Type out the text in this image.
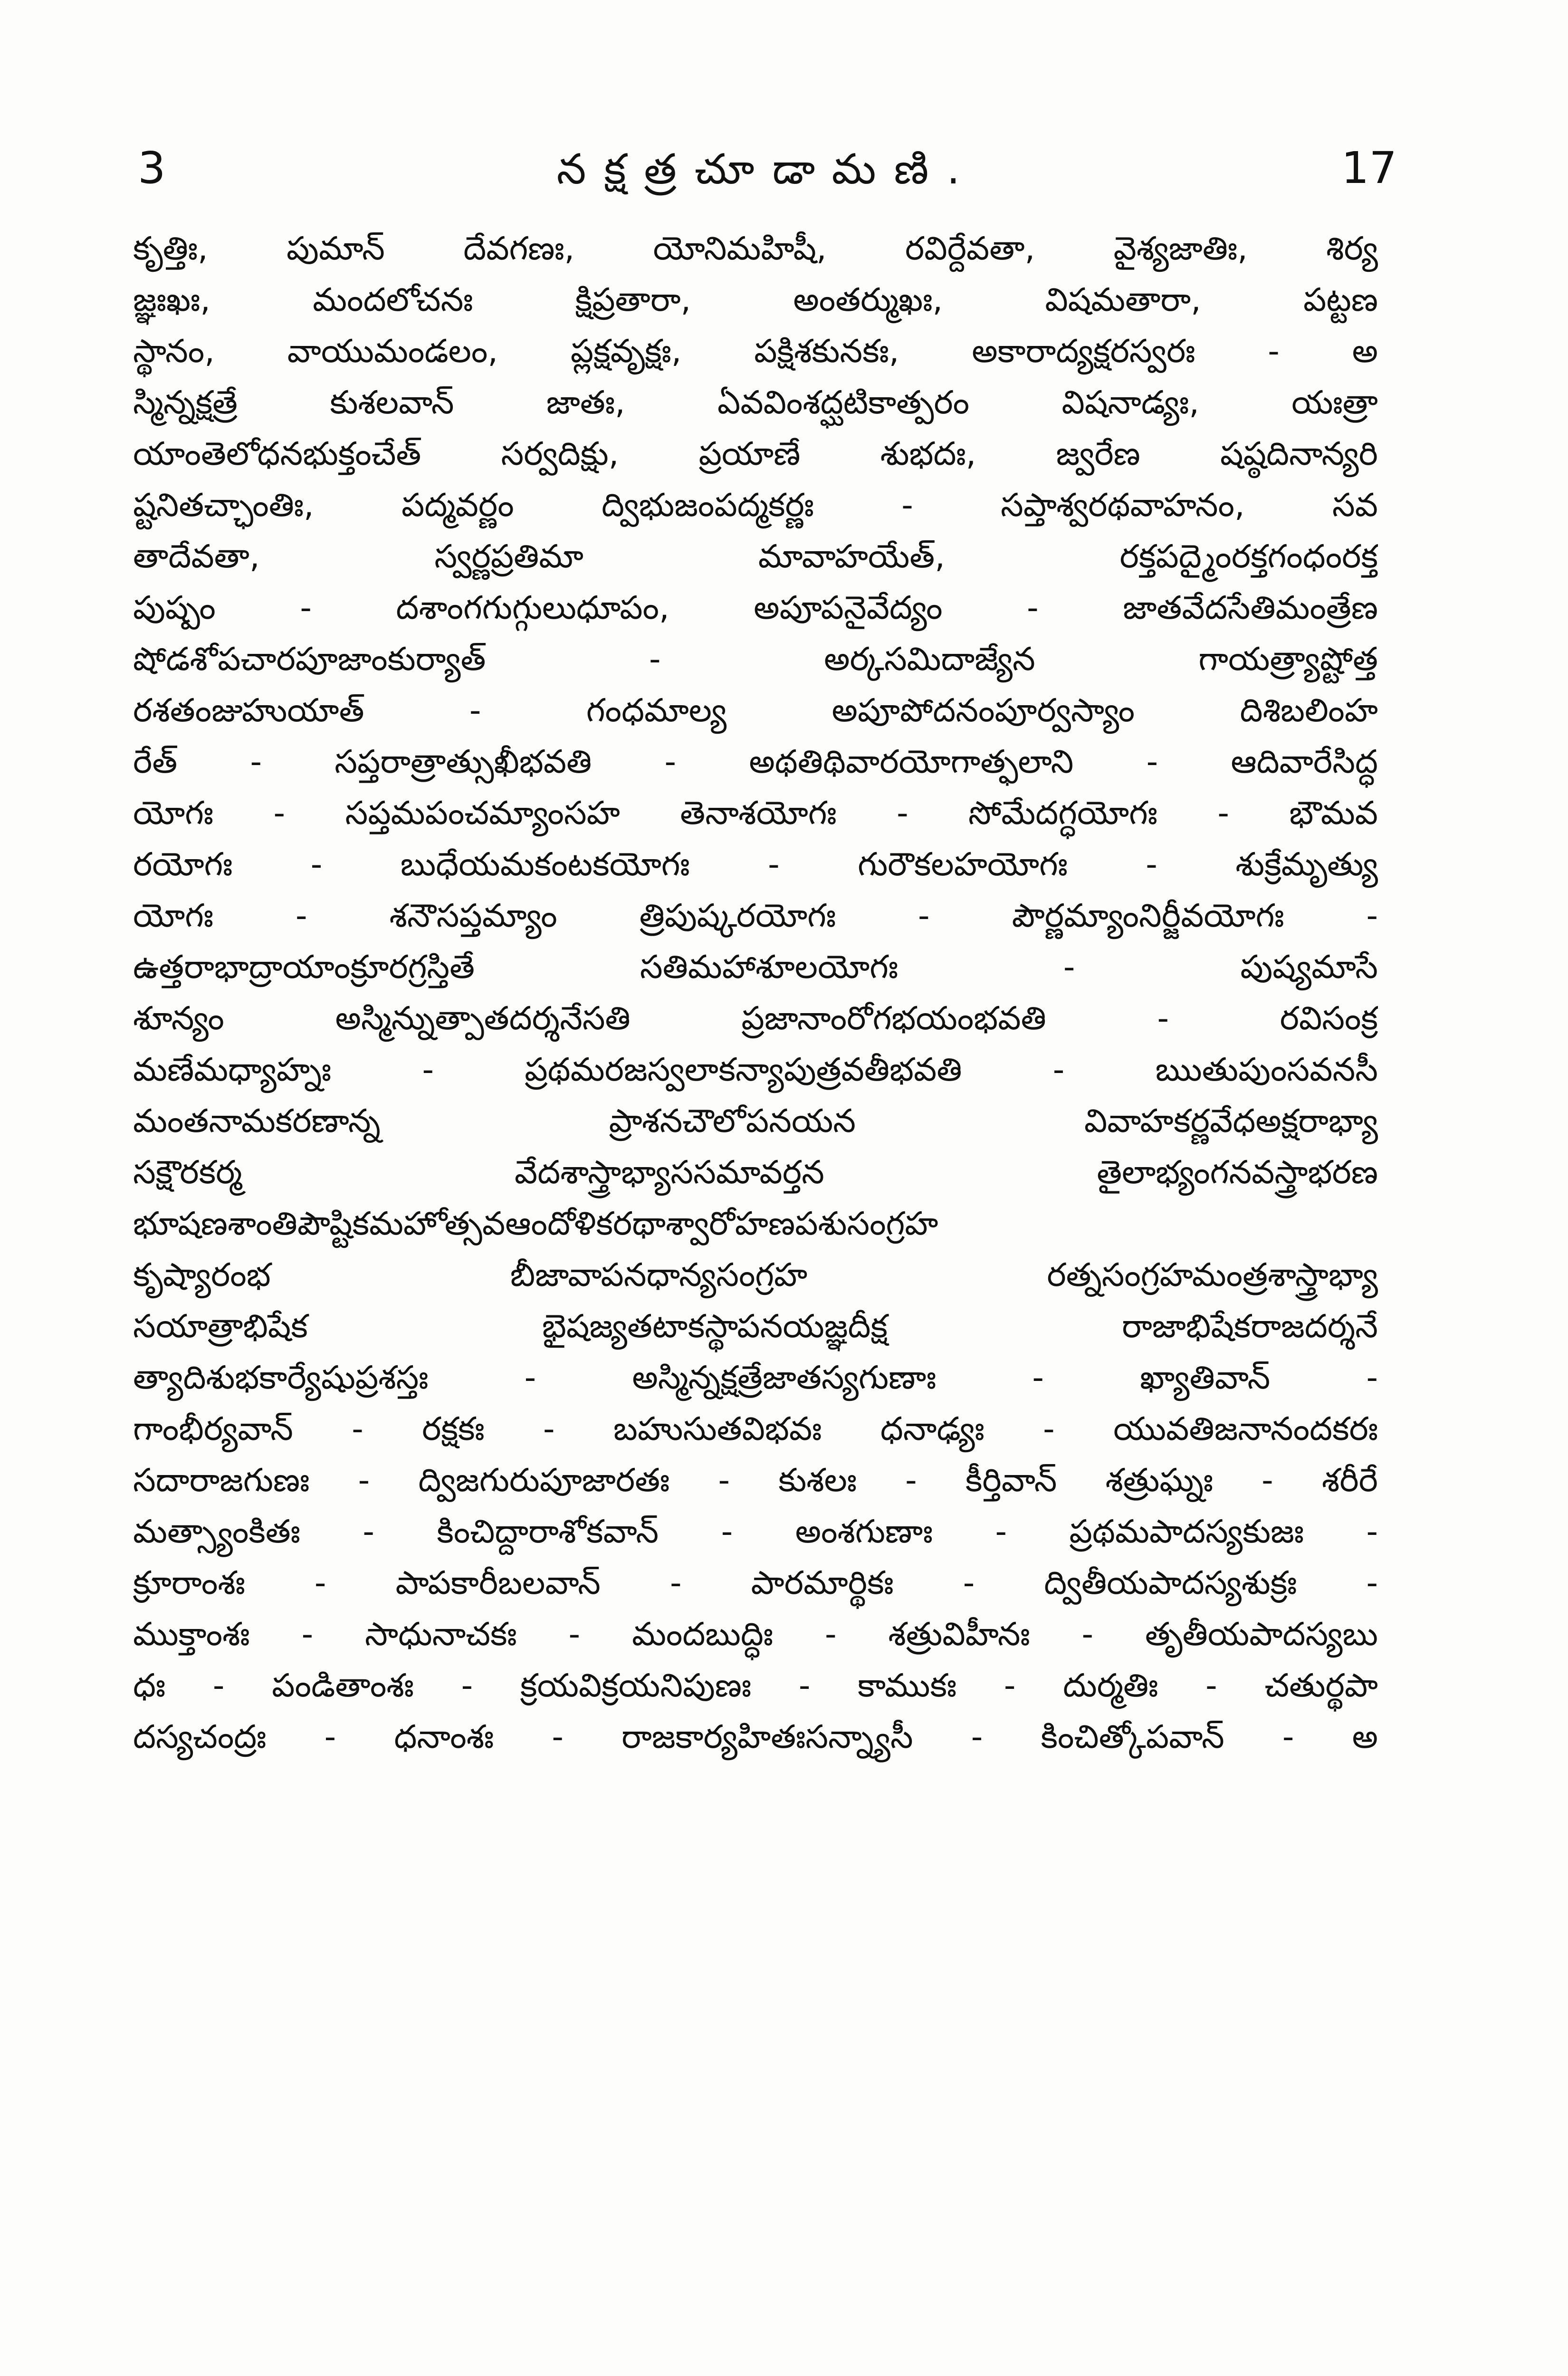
3	నక్షత్రచూడామణి.	17
కృత్తిః, పుమాన్ దేవగణః, యోనిమహిషీ, రవిర్దేవతా, వైశ్యజాతిః, శిర్య
జ్ఞఃఖః, మందలోచనః క్షిప్రతారా, అంతర్ముఖః, విషమతారా, పట్టణ
స్థానం, వాయుమండలం, ప్లక్షవృక్షః, పక్షిశకునకః, అకారాద్యక్షరస్వరః - అ
స్మిన్నక్షత్రే కుశలవాన్ జాతః, ఏవవింశద్ఘటికాత్పరం విషనాడ్యః, యఃత్రా
యాంతెలోధనభుక్తంచేత్ సర్వదిక్షు, ప్రయాణే శుభదః, జ్వరేణ షష్ఠదినాన్యరి
ష్టనితచ్ఛాంతిః, పద్మవర్ణం ద్విభుజంపద్మకర్ణః - సప్తాశ్వరథవాహనం, సవ
తాదేవతా, స్వర్ణప్రతిమా మావాహయేత్, రక్తపద్మైంరక్తగంధంరక్త
పుష్పం - దశాంగగుగ్గులుధూపం, అపూపనైవేద్యం - జాతవేదసేతిమంత్రేణ
షోడశోపచారపూజాంకుర్యాత్ - అర్కసమిదాజ్యేన గాయత్ర్యాష్టోత్త
రశతంజుహుయాత్ - గంధమాల్య అపూపోదనంపూర్వస్యాం దిశిబలింహ
రేత్ - సప్తరాత్రాత్సుఖీభవతి - అథతిథివారయోగాత్ఫలాని - ఆదివారేసిద్ధ
యోగః - సప్తమపంచమ్యాంసహ తెనాశయోగః - సోమేదగ్ధయోగః - భౌమవ
రయోగః - బుధేయమకంటకయోగః - గురౌకలహయోగః - శుక్రేమృత్యు
యోగః - శనౌసప్తమ్యాం త్రిపుష్కరయోగః - పౌర్ణమ్యాంనిర్జీవయోగః -
ఉత్తరాభాద్రాయాంక్రూరగ్రస్తితే సతిమహాశూలయోగః - పుష్యమాసే
శూన్యం అస్మిన్నుత్పాతదర్శనేసతి ప్రజానాంరోగభయంభవతి - రవిసంక్ర
మణేమధ్యాహ్నః - ప్రథమరజస్వలాకన్యాపుత్రవతీభవతి - ఋతుపుంసవనసీ
మంతనామకరణాన్న ప్రాశనచౌలోపనయన వివాహకర్ణవేధఅక్షరాభ్యా
సక్షౌరకర్మ వేదశాస్త్రాభ్యాససమావర్తన తైలాభ్యంగనవస్త్రాభరణ
భూషణశాంతిపౌష్టికమహోత్సవఆందోళికరథాశ్వారోహణపశుసంగ్రహ
కృష్యారంభ బీజావాపనధాన్యసంగ్రహ రత్నసంగ్రహమంత్రశాస్త్రాభ్యా
సయాత్రాభిషేక భైషజ్యతటాకస్థాపనయజ్ఞదీక్ష రాజాభిషేకరాజదర్శనే
త్యాదిశుభకార్యేషుప్రశస్తః - అస్మిన్నక్షత్రేజాతస్యగుణాః - ఖ్యాతివాన్ -
గాంభీర్యవాన్ - రక్షకః - బహుసుతవిభవః ధనాఢ్యః - యువతిజనానందకరః
సదారాజగుణః - ద్విజగురుపూజారతః - కుశలః - కీర్తివాన్ శత్రుఘ్నః - శరీరే
మత్స్యాంకితః - కించిద్దారాశోకవాన్ - అంశగుణాః - ప్రథమపాదస్యకుజః -
క్రూరాంశః - పాపకారీబలవాన్ - పారమార్థికః - ద్వితీయపాదస్యశుక్రః -
ముక్తాంశః - సాధునాచకః - మందబుద్ధిః - శత్రువిహీనః - తృతీయపాదస్యబు
ధః - పండితాంశః - క్రయవిక్రయనిపుణః - కాముకః - దుర్మతిః - చతుర్థపా
దస్యచంద్రః - ధనాంశః - రాజకార్యహితఃసన్న్యాసీ - కించిత్కోపవాన్ - అ
